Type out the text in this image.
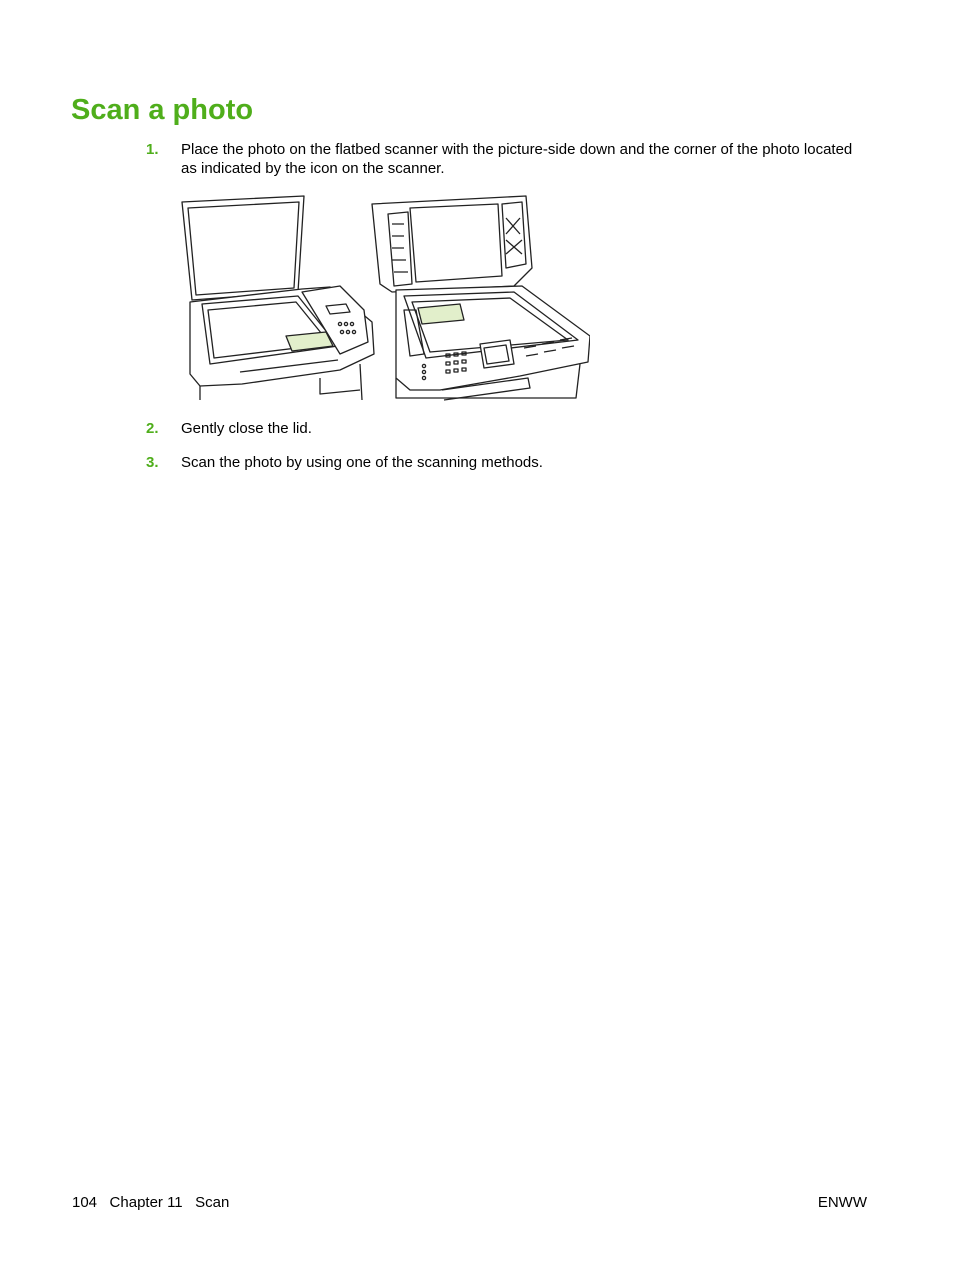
Scan a photo
1. Place the photo on the flatbed scanner with the picture-side down and the corner of the photo located as indicated by the icon on the scanner.
2. Gently close the lid.
3. Scan the photo by using one of the scanning methods.
104 Chapter 11 Scan	ENWW
